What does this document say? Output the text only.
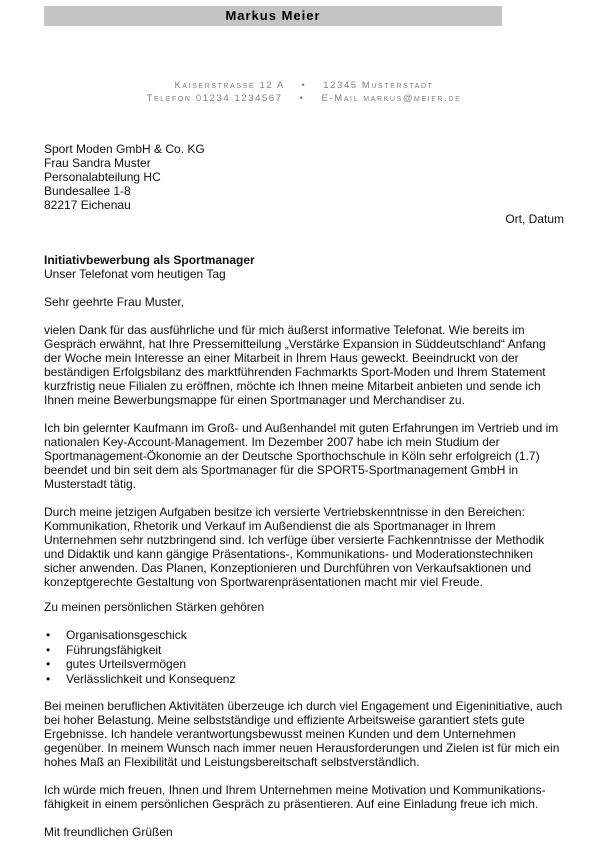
Markus Meier
Kaiserstrasse 12 A    •    12345 Musterstadt
Telefon 01234 1234567    •    E-Mail markus@meier.de
Sport Moden GmbH & Co. KG
Frau Sandra Muster
Personalabteilung HC
Bundesallee 1-8
82217 Eichenau
Ort, Datum
Initiativbewerbung als Sportmanager
Unser Telefonat vom heutigen Tag
Sehr geehrte Frau Muster,

vielen Dank für das ausführliche und für mich äußerst informative Telefonat. Wie bereits im Gespräch erwähnt, hat Ihre Pressemitteilung „Verstärke Expansion in Süddeutschland“ Anfang der Woche mein Interesse an einer Mitarbeit in Ihrem Haus geweckt. Beeindruckt von der beständigen Erfolgsbilanz des marktführenden Fachmarkts Sport-Moden und Ihrem Statement kurzfristig neue Filialen zu eröffnen, möchte ich Ihnen meine Mitarbeit anbieten und sende ich Ihnen meine Bewerbungsmappe für einen Sportmanager und Merchandiser zu.

Ich bin gelernter Kaufmann im Groß- und Außenhandel mit guten Erfahrungen im Vertrieb und im nationalen Key-Account-Management. Im Dezember 2007 habe ich mein Studium der Sportmanagement-Ökonomie an der Deutsche Sporthochschule in Köln sehr erfolgreich (1.7) beendet und bin seit dem als Sportmanager für die SPORT5-Sportmanagement GmbH in Musterstadt tätig.

Durch meine jetzigen Aufgaben besitze ich versierte Vertriebskenntnisse in den Bereichen: Kommunikation, Rhetorik und Verkauf im Außendienst die als Sportmanager in Ihrem Unternehmen sehr nutzbringend sind. Ich verfüge über versierte Fachkenntnisse der Methodik und Didaktik und kann gängige Präsentations-, Kommunikations- und Moderationstechniken sicher anwenden. Das Planen, Konzeptionieren und Durchführen von Verkaufsaktionen und konzeptgerechte Gestaltung von Sportwarenpräsentationen macht mir viel Freude.

Zu meinen persönlichen Stärken gehören

• Organisationsgeschick
• Führungsfähigkeit
• gutes Urteilsvermögen
• Verlässlichkeit und Konsequenz

Bei meinen beruflichen Aktivitäten überzeuge ich durch viel Engagement und Eigeninitiative, auch bei hoher Belastung. Meine selbstständige und effiziente Arbeitsweise garantiert stets gute Ergebnisse. Ich handele verantwortungsbewusst meinen Kunden und dem Unternehmen gegenüber. In meinem Wunsch nach immer neuen Herausforderungen und Zielen ist für mich ein hohes Maß an Flexibilität und Leistungsbereitschaft selbstverständlich.

Ich würde mich freuen, Ihnen und Ihrem Unternehmen meine Motivation und Kommunikations-fähigkeit in einem persönlichen Gespräch zu präsentieren. Auf eine Einladung freue ich mich.

Mit freundlichen Grüßen
